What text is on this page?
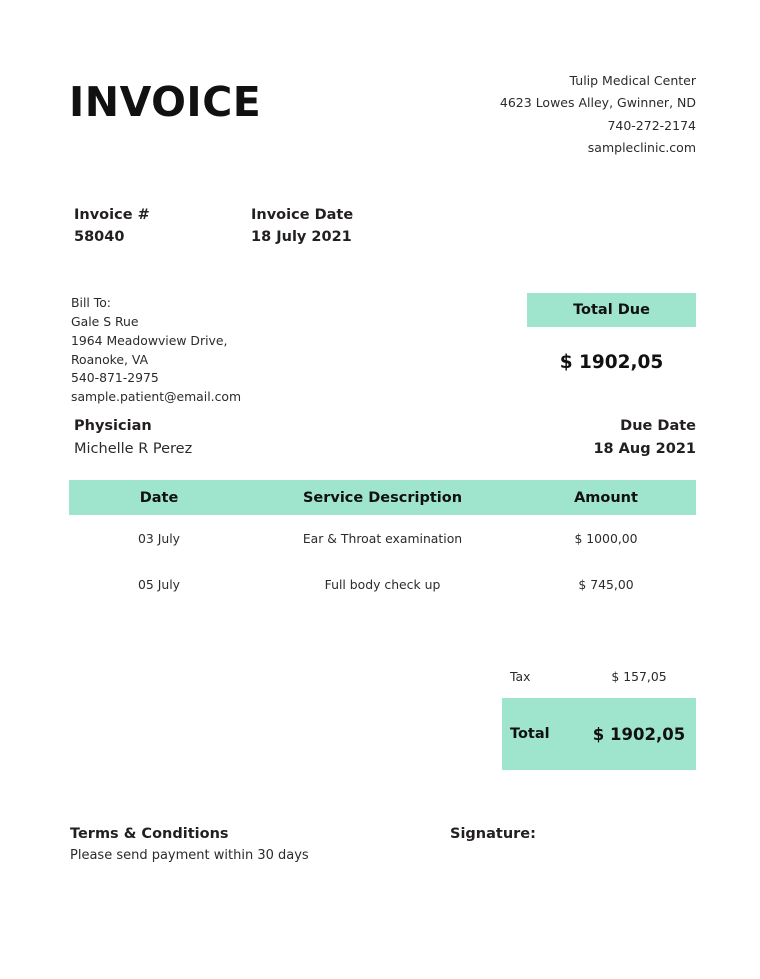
INVOICE	Tulip Medical Center
4623 Lowes Alley, Gwinner, ND
740-272-2174
sampleclinic.com
Invoice #
58040
Invoice Date
18 July 2021
Bill To:
Gale S Rue
1964 Meadowview Drive,
Roanoke, VA
540-871-2975
sample.patient@email.com
Total Due
$ 1902,05
Physician
Michelle R Perez
Due Date
18 Aug 2021
Date	Service Description	Amount
03 July	Ear & Throat examination	$ 1000,00
05 July	Full body check up	$ 745,00
Tax	$ 157,05
Total	$ 1902,05
Terms & Conditions
Please send payment within 30 days
Signature:
